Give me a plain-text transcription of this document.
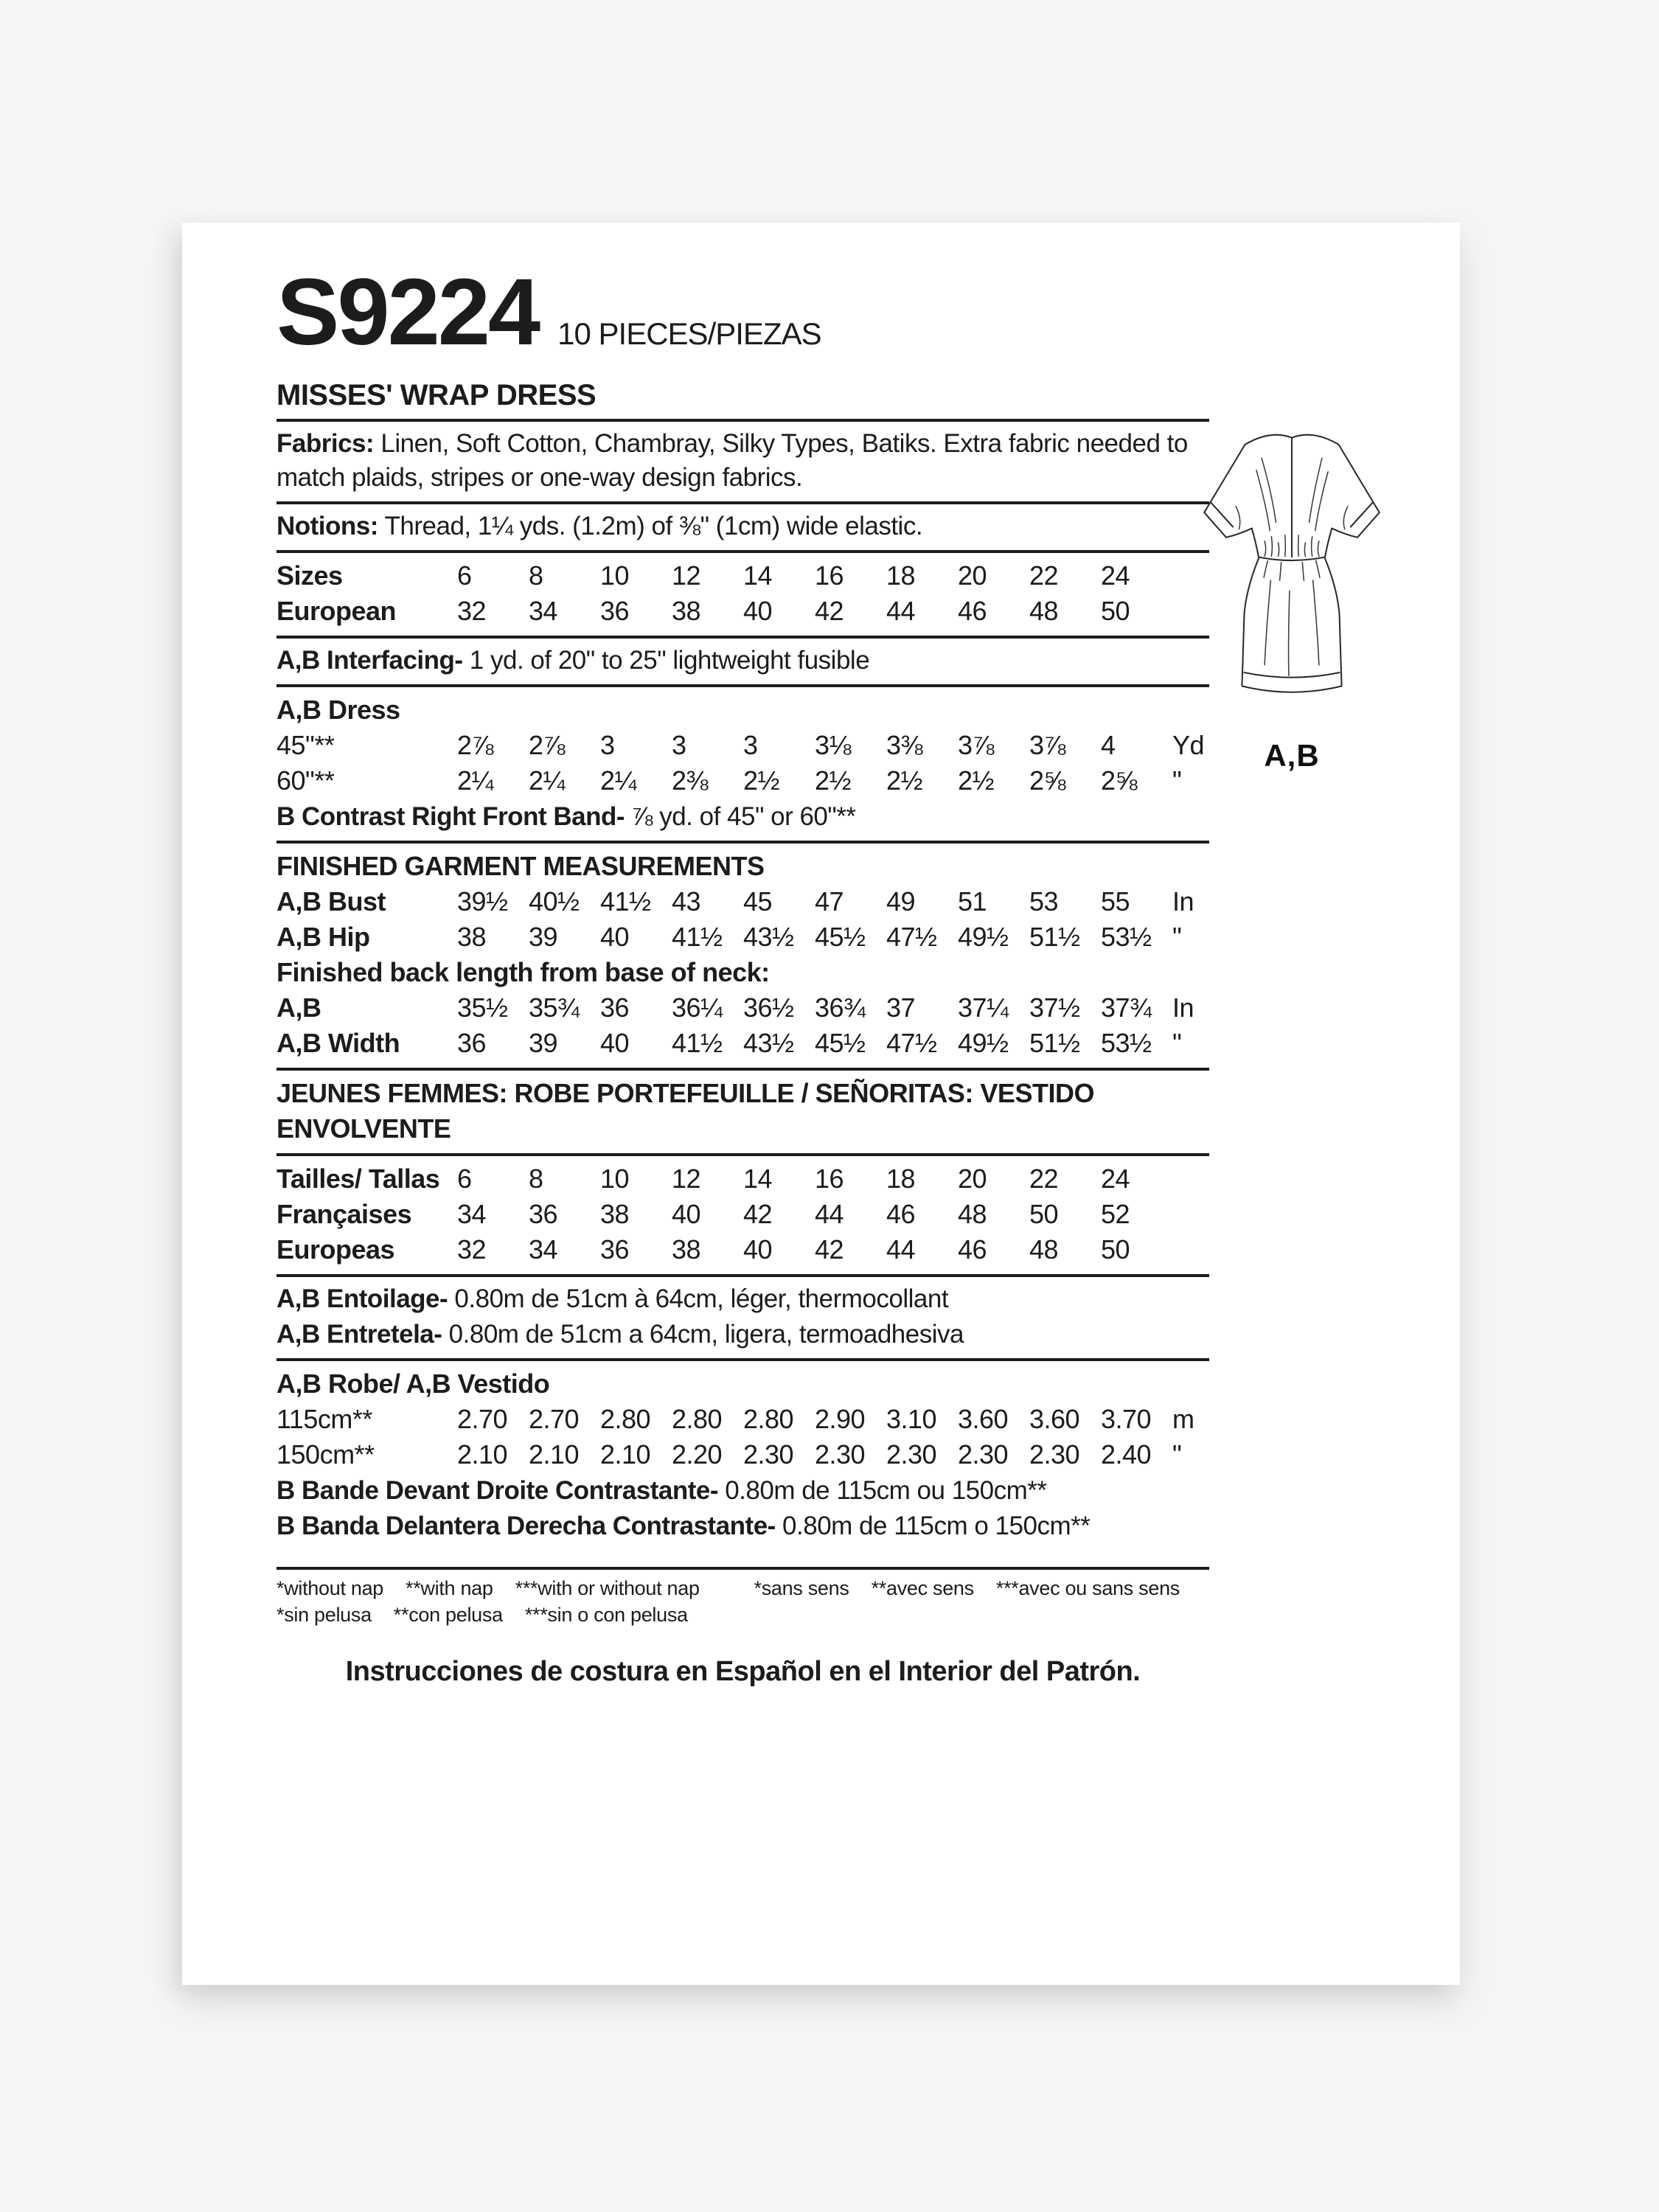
S9224 10 PIECES/PIEZAS
MISSES' WRAP DRESS

Fabrics: Linen, Soft Cotton, Chambray, Silky Types, Batiks. Extra fabric needed to match plaids, stripes or one-way design fabrics.

Notions: Thread, 1¼ yds. (1.2m) of ⅜" (1cm) wide elastic.

Sizes	6	8	10	12	14	16	18	20	22	24
European	32	34	36	38	40	42	44	46	48	50

A,B Interfacing- 1 yd. of 20" to 25" lightweight fusible

A,B Dress
45"**	2⅞	2⅞	3	3	3	3⅛	3⅜	3⅞	3⅞	4	Yd
60"**	2¼	2¼	2¼	2⅜	2½	2½	2½	2½	2⅝	2⅝	"

B Contrast Right Front Band- ⅞ yd. of 45" or 60"**

FINISHED GARMENT MEASUREMENTS
A,B Bust	39½ 40½ 41½ 43	45	47	49	51	53	55	In
A,B Hip	38	39	40	41½ 43½ 45½ 47½ 49½ 51½ 53½ "
Finished back length from base of neck:
A,B	35½ 35¾ 36	36¼ 36½ 36¾ 37	37¼ 37½ 37¾ In
A,B Width	36	39	40	41½ 43½ 45½ 47½ 49½ 51½ 53½ "
JEUNES FEMMES: ROBE PORTEFEUILLE / SEÑORITAS: VESTIDO ENVOLVENTE
Tailles/ Tallas 6	8	10	12	14	16	18	20	22	24
Françaises	34	36	38	40	42	44	46	48	50	52
Europeas	32	34	36	38	40	42	44	46	48	50

A,B Entoilage- 0.80m de 51cm à 64cm, léger, thermocollant

A,B Entretela- 0.80m de 51cm a 64cm, ligera, termoadhesiva

A,B Robe/ A,B Vestido
115cm**	2.70 2.70 2.80 2.80 2.80 2.90 3.10 3.60 3.60 3.70 m
150cm**	2.10 2.10 2.10 2.20 2.30 2.30 2.30 2.30 2.30 2.40 "

B Bande Devant Droite Contrastante- 0.80m de 115cm ou 150cm**

B Banda Delantera Derecha Contrastante- 0.80m de 115cm o 150cm**

*without nap **with nap ***with or without nap
*sin pelusa **con pelusa ***sin o con pelusa
*sans sens **avec sens ***avec ou sans sens
Instrucciones de costura en Español en el Interior del Patrón.
A,B
